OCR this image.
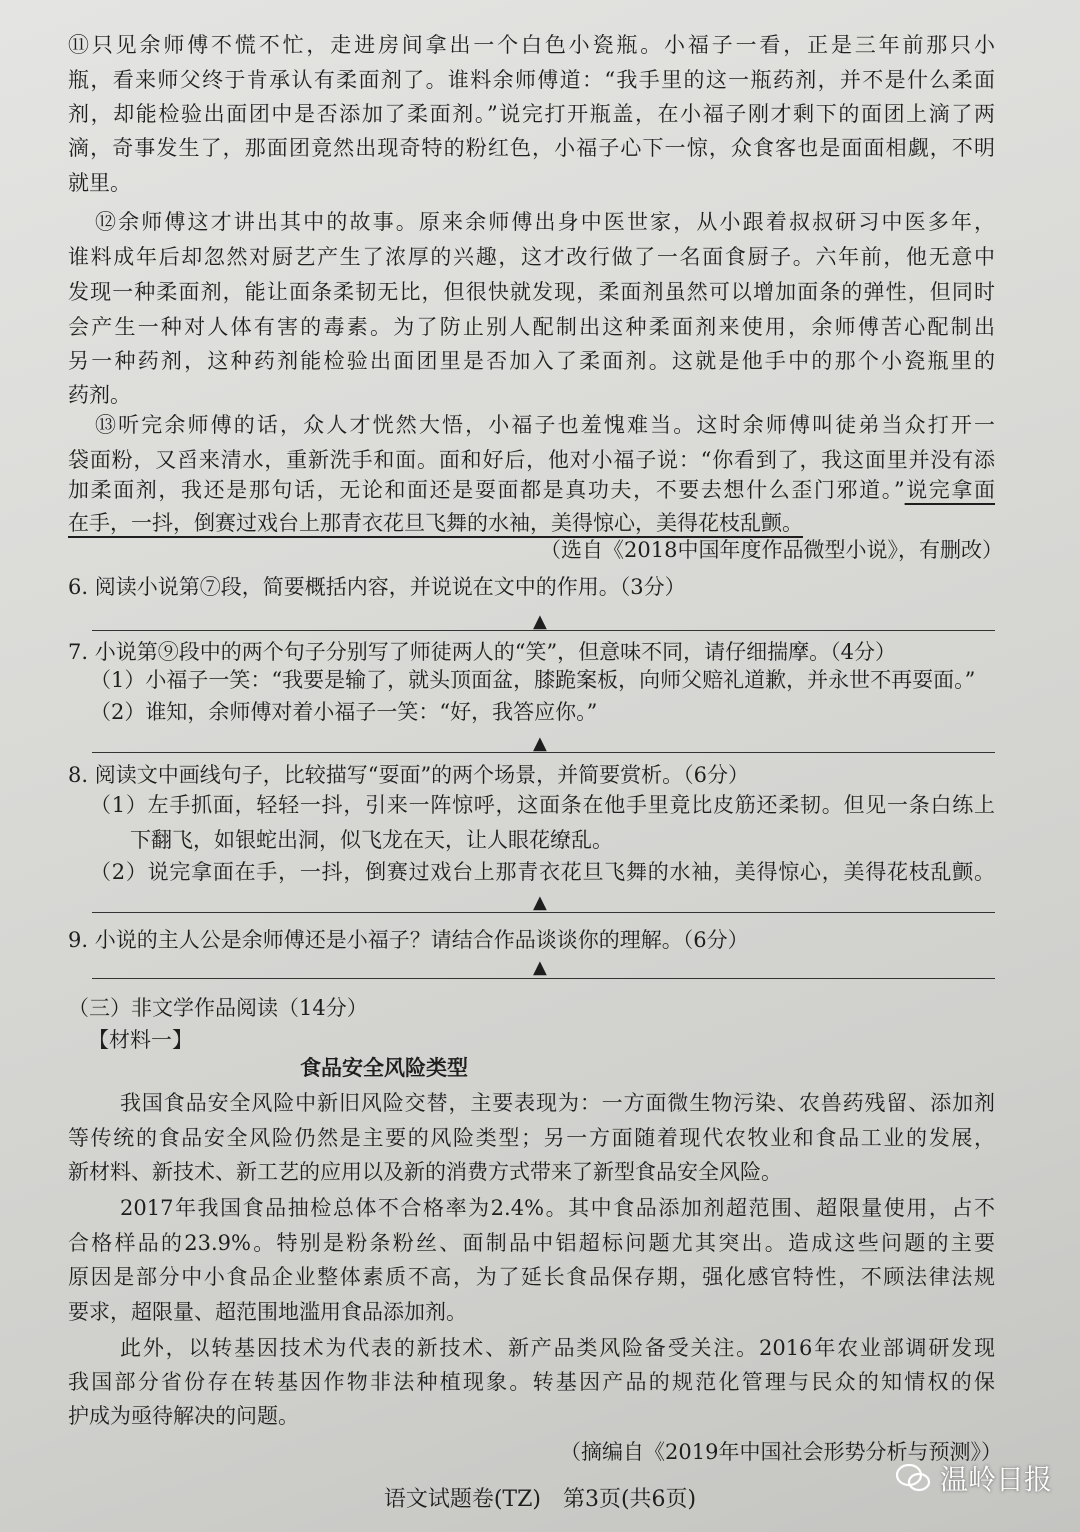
⑪只见余师傅不慌不忙，走进房间拿出一个白色小瓷瓶。小福子一看，正是三年前那只小
瓶，看来师父终于肯承认有柔面剂了。谁料余师傅道：“我手里的这一瓶药剂，并不是什么柔面
剂，却能检验出面团中是否添加了柔面剂。”说完打开瓶盖，在小福子刚才剩下的面团上滴了两
滴，奇事发生了，那面团竟然出现奇特的粉红色，小福子心下一惊，众食客也是面面相觑，不明
就里。
⑫余师傅这才讲出其中的故事。原来余师傅出身中医世家，从小跟着叔叔研习中医多年，
谁料成年后却忽然对厨艺产生了浓厚的兴趣，这才改行做了一名面食厨子。六年前，他无意中
发现一种柔面剂，能让面条柔韧无比，但很快就发现，柔面剂虽然可以增加面条的弹性，但同时
会产生一种对人体有害的毒素。为了防止别人配制出这种柔面剂来使用，余师傅苦心配制出
另一种药剂，这种药剂能检验出面团里是否加入了柔面剂。这就是他手中的那个小瓷瓶里的
药剂。
⑬听完余师傅的话，众人才恍然大悟，小福子也羞愧难当。这时余师傅叫徒弟当众打开一
袋面粉，又舀来清水，重新洗手和面。面和好后，他对小福子说：“你看到了，我这面里并没有添
加柔面剂，我还是那句话，无论和面还是耍面都是真功夫，不要去想什么歪门邪道。”说完拿面
在手，一抖，倒赛过戏台上那青衣花旦飞舞的水袖，美得惊心，美得花枝乱颤。
（选自《2018中国年度作品微型小说》，有删改）
6. 阅读小说第⑦段，简要概括内容，并说说在文中的作用。（3分）
7. 小说第⑨段中的两个句子分别写了师徒两人的“笑”，但意味不同，请仔细揣摩。（4分）
（1）小福子一笑：“我要是输了，就头顶面盆，膝跪案板，向师父赔礼道歉，并永世不再耍面。”
（2）谁知，余师傅对着小福子一笑：“好，我答应你。”
8. 阅读文中画线句子，比较描写“耍面”的两个场景，并简要赏析。（6分）
（1）左手抓面，轻轻一抖，引来一阵惊呼，这面条在他手里竟比皮筋还柔韧。但见一条白练上
下翻飞，如银蛇出洞，似飞龙在天，让人眼花缭乱。
（2）说完拿面在手，一抖，倒赛过戏台上那青衣花旦飞舞的水袖，美得惊心，美得花枝乱颤。
9. 小说的主人公是余师傅还是小福子？请结合作品谈谈你的理解。（6分）
（三）非文学作品阅读（14分）
【材料一】
食品安全风险类型
我国食品安全风险中新旧风险交替，主要表现为：一方面微生物污染、农兽药残留、添加剂
等传统的食品安全风险仍然是主要的风险类型；另一方面随着现代农牧业和食品工业的发展，
新材料、新技术、新工艺的应用以及新的消费方式带来了新型食品安全风险。
2017年我国食品抽检总体不合格率为2.4%。其中食品添加剂超范围、超限量使用，占不
合格样品的23.9%。特别是粉条粉丝、面制品中铝超标问题尤其突出。造成这些问题的主要
原因是部分中小食品企业整体素质不高，为了延长食品保存期，强化感官特性，不顾法律法规
要求，超限量、超范围地滥用食品添加剂。
此外，以转基因技术为代表的新技术、新产品类风险备受关注。2016年农业部调研发现
我国部分省份存在转基因作物非法种植现象。转基因产品的规范化管理与民众的知情权的保
护成为亟待解决的问题。
（摘编自《2019年中国社会形势分析与预测》）
▲
▲
▲
▲
语文试题卷(TZ)　第3页(共6页)
温岭日报
